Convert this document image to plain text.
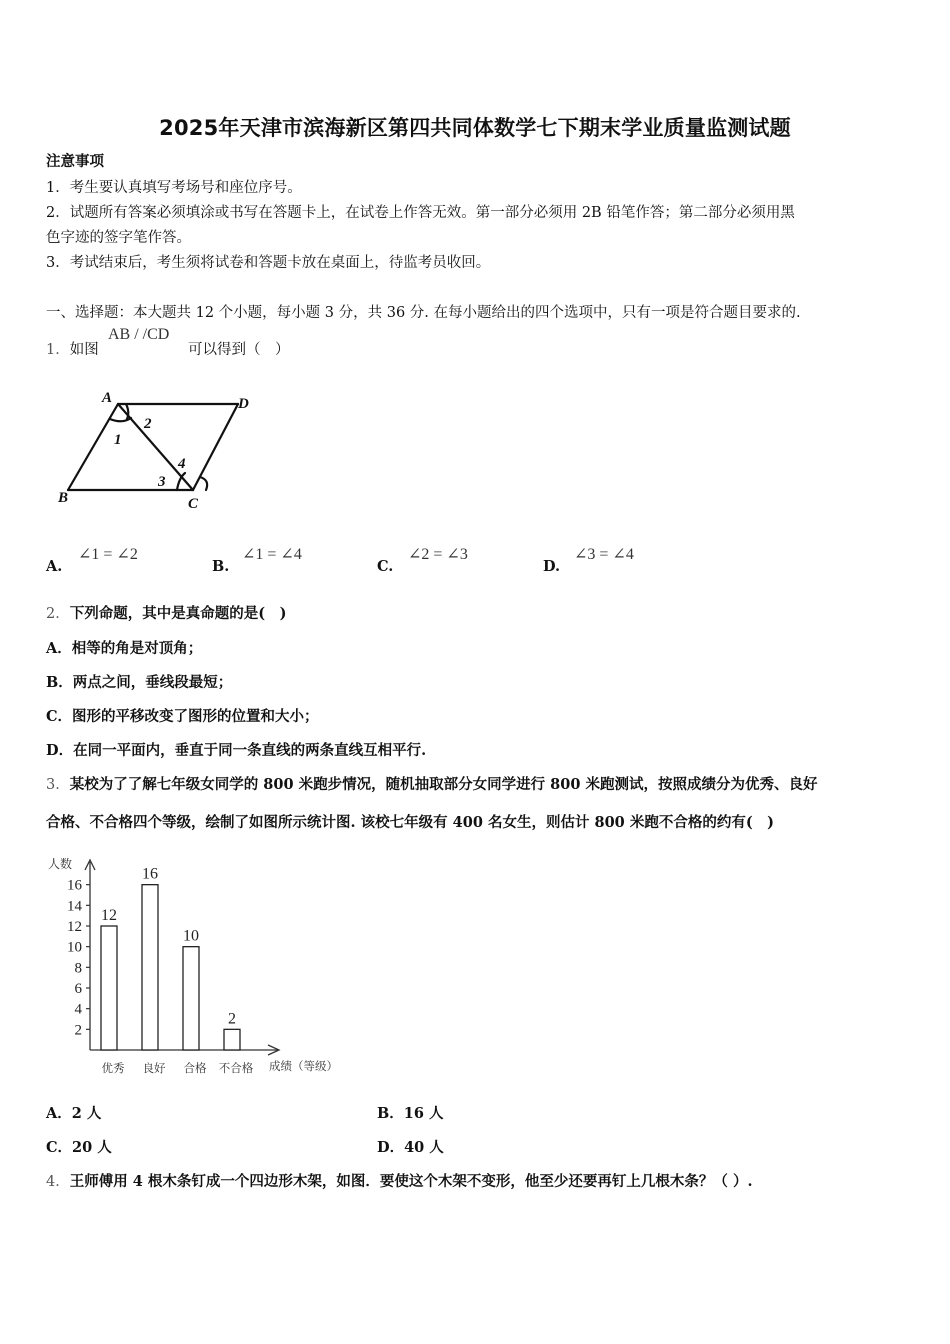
2025年天津市滨海新区第四共同体数学七下期末学业质量监测试题
注意事项
1．考生要认真填写考场号和座位序号。
2．试题所有答案必须填涂或书写在答题卡上，在试卷上作答无效。第一部分必须用 2B 铅笔作答；第二部分必须用黑
色字迹的签字笔作答。
3．考试结束后，考生须将试卷和答题卡放在桌面上，待监考员收回。
一、选择题：本大题共 12 个小题，每小题 3 分，共 36 分. 在每小题给出的四个选项中，只有一项是符合题目要求的.
1．如图
AB / /CD
可以得到（　）
A
B	C
D
1
2
3
4
A.
∠1 = ∠2
B.
∠1 = ∠4
C.
∠2 = ∠3
D.
∠3 = ∠4
2．下列命题，其中是真命题的是(　)
A．相等的角是对顶角；
B．两点之间，垂线段最短；
C．图形的平移改变了图形的位置和大小；
D．在同一平面内，垂直于同一条直线的两条直线互相平行.
3．某校为了了解七年级女同学的 800 米跑步情况，随机抽取部分女同学进行 800 米跑测试，按照成绩分为优秀、良好
合格、不合格四个等级，绘制了如图所示统计图. 该校七年级有 400 名女生，则估计 800 米跑不合格的约有(　)
人数
成绩（等级）
2
4
6
8
10
12
14
16
12
优秀
16
良好
10
合格
2
不合格
A．2 人	B．16 人
C．20 人	D．40 人
4．王师傅用 4 根木条钉成一个四边形木架，如图．要使这个木架不变形，他至少还要再钉上几根木条？（ ）.
